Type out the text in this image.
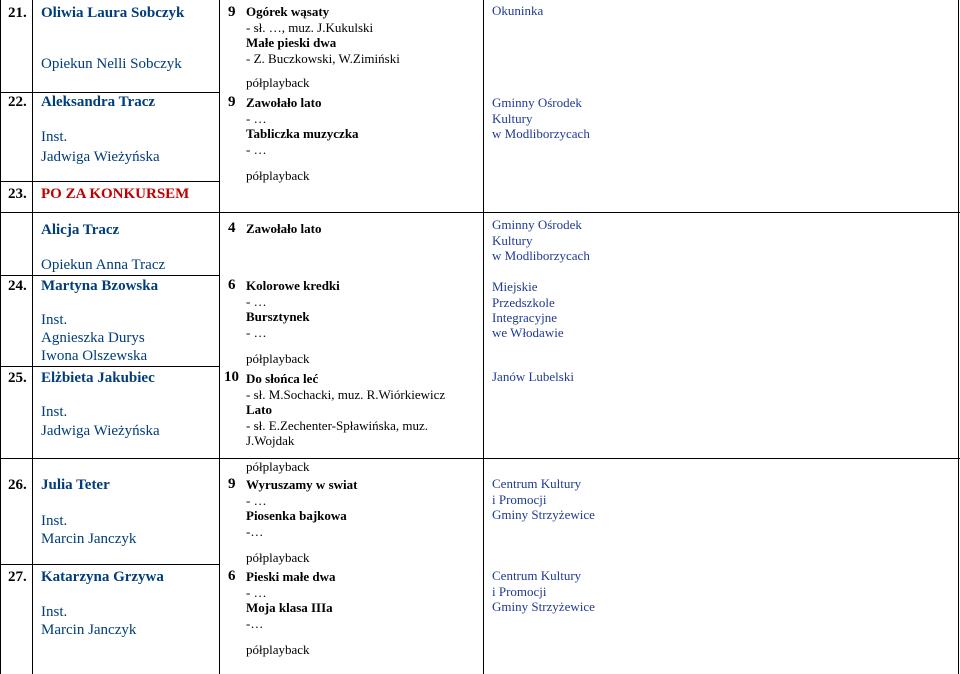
21. Oliwia Laura Sobczyk
Opiekun Nelli Sobczyk
9 Ogórek wąsaty
- sł. …, muz. J.Kukulski
Małe pieski dwa
- Z. Buczkowski, W.Zimiński
półplayback
Okuninka
22. Aleksandra Tracz
Inst.
Jadwiga Wieżyńska
9 Zawołało lato
- …
Tabliczka muzyczka
- …
półplayback
Gminny Ośrodek
Kultury
w Modliborzycach
23. PO ZA KONKURSEM
Alicja Tracz
Opiekun Anna Tracz
4 Zawołało lato	Gminny Ośrodek
Kultury
w Modliborzycach
24. Martyna Bzowska
Inst.
Agnieszka Durys
Iwona Olszewska
6 Kolorowe kredki
- …
Bursztynek
- …
półplayback
Miejskie
Przedszkole
Integracyjne
we Włodawie
25. Elżbieta Jakubiec
Inst.
Jadwiga Wieżyńska
10 Do słońca leć
- sł. M.Sochacki, muz. R.Wiórkiewicz
Lato
- sł. E.Zechenter-Spławińska, muz.
J.Wojdak
półplayback
Janów Lubelski
26. Julia Teter
Inst.
Marcin Janczyk
9 Wyruszamy w swiat
- …
Piosenka bajkowa
-…
półplayback
Centrum Kultury
i Promocji
Gminy Strzyżewice
27. Katarzyna Grzywa
Inst.
Marcin Janczyk
6 Pieski małe dwa
- …
Moja klasa IIIa
-…
półplayback
Centrum Kultury
i Promocji
Gminy Strzyżewice
